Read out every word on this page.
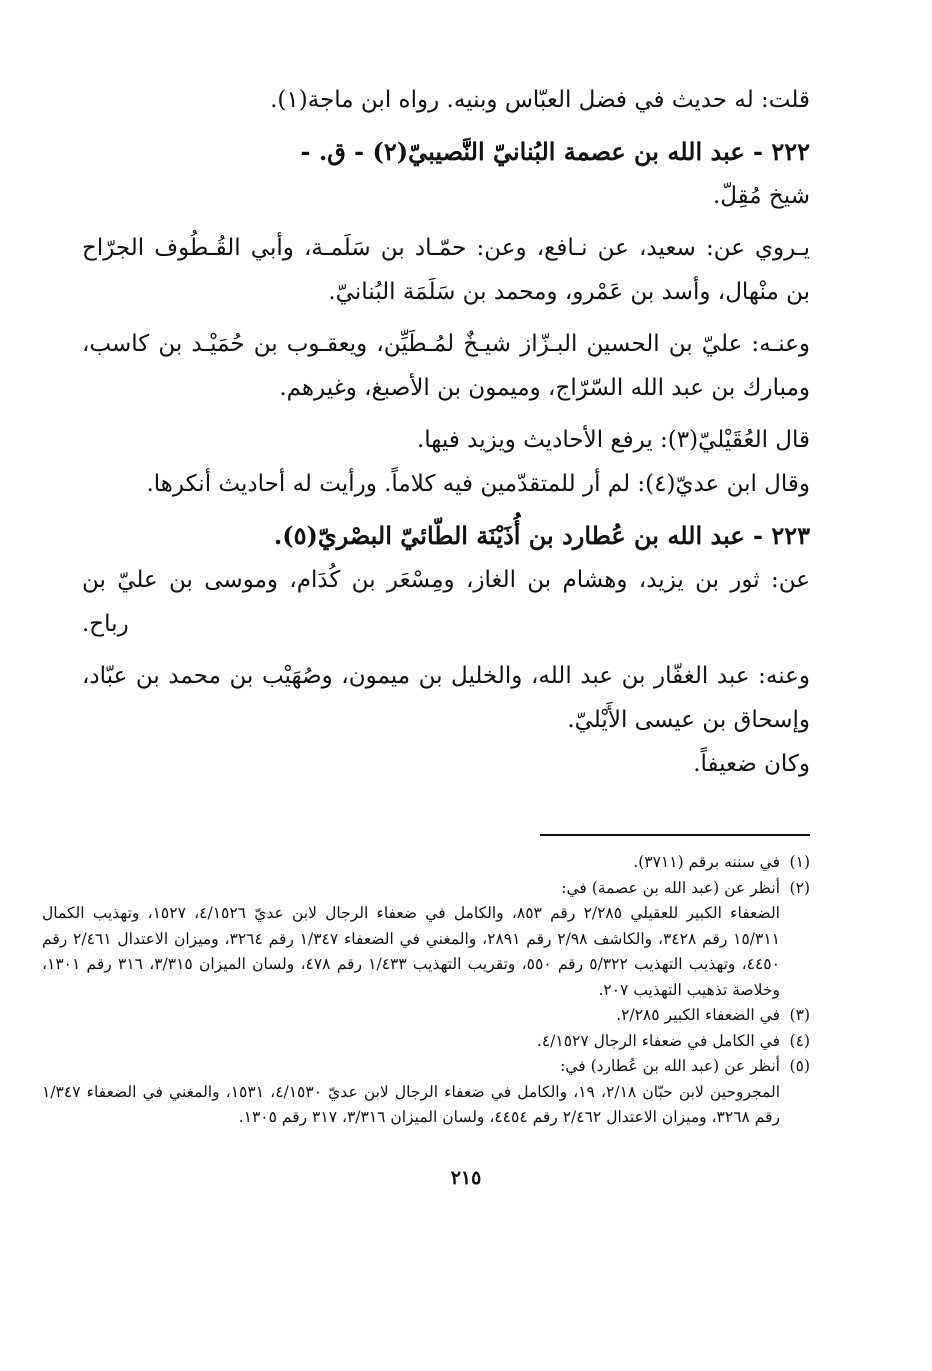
قلت: له حديث في فضل العبّاس وبنيه. رواه ابن ماجة(١).

٢٢٢ - عبد الله بن عصمة البُنانيّ النَّصيبيّ(٢) - ق. -

شيخ مُقِلّ.

يـروي عن: سعيد، عن نـافع، وعن: حمّـاد بن سَلَمـة، وأبي القُـطُوف الجرّاح بن منْهال، وأسد بن عَمْرو، ومحمد بن سَلَمَة البُنانيّ.

وعنـه: عليّ بن الحسين البـزّاز شيـخٌ لمُـطَيِّن، ويعقـوب بن حُمَيْـد بن كاسب، ومبارك بن عبد الله السّرّاج، وميمون بن الأصبغ، وغيرهم.

قال العُقَيْليّ(٣): يرفع الأحاديث ويزيد فيها.

وقال ابن عديّ(٤): لم أر للمتقدّمين فيه كلاماً. ورأيت له أحاديث أنكرها.

٢٢٣ - عبد الله بن عُطارد بن أُذَيْنَة الطّائيّ البصْريّ(٥).

عن: ثور بن يزيد، وهشام بن الغاز، ومِسْعَر بن كُدَام، وموسى بن عليّ بن رباح.

وعنه: عبد الغفّار بن عبد الله، والخليل بن ميمون، وصُهَيْب بن محمد بن عبّاد، وإسحاق بن عيسى الأَيْليّ.

وكان ضعيفاً.

(١)في سننه برقم (٣٧١١).

(٢)أنظر عن (عبد الله بن عصمة) في:

الضعفاء الكبير للعقيلي ٢/٢٨٥ رقم ٨٥٣، والكامل في ضعفاء الرجال لابن عديّ ٤/١٥٢٦، ١٥٢٧، وتهذيب الكمال ١٥/٣١١ رقم ٣٤٢٨، والكاشف ٢/٩٨ رقم ٢٨٩١، والمغني في الضعفاء ١/٣٤٧ رقم ٣٢٦٤، وميزان الاعتدال ٢/٤٦١ رقم ٤٤٥٠، وتهذيب التهذيب ٥/٣٢٢ رقم ٥٥٠، وتقريب التهذيب ١/٤٣٣ رقم ٤٧٨، ولسان الميزان ٣/٣١٥، ٣١٦ رقم ١٣٠١، وخلاصة تذهيب التهذيب ٢٠٧.

(٣)في الضعفاء الكبير ٢/٢٨٥.

(٤)في الكامل في ضعفاء الرجال ٤/١٥٢٧.

(٥)أنظر عن (عبد الله بن عُطارد) في:

المجروحين لابن حبّان ٢/١٨، ١٩، والكامل في ضعفاء الرجال لابن عديّ ٤/١٥٣٠، ١٥٣١، والمغني في الضعفاء ١/٣٤٧ رقم ٣٢٦٨، وميزان الاعتدال ٢/٤٦٢ رقم ٤٤٥٤، ولسان الميزان ٣/٣١٦، ٣١٧ رقم ١٣٠٥.

٢١٥
